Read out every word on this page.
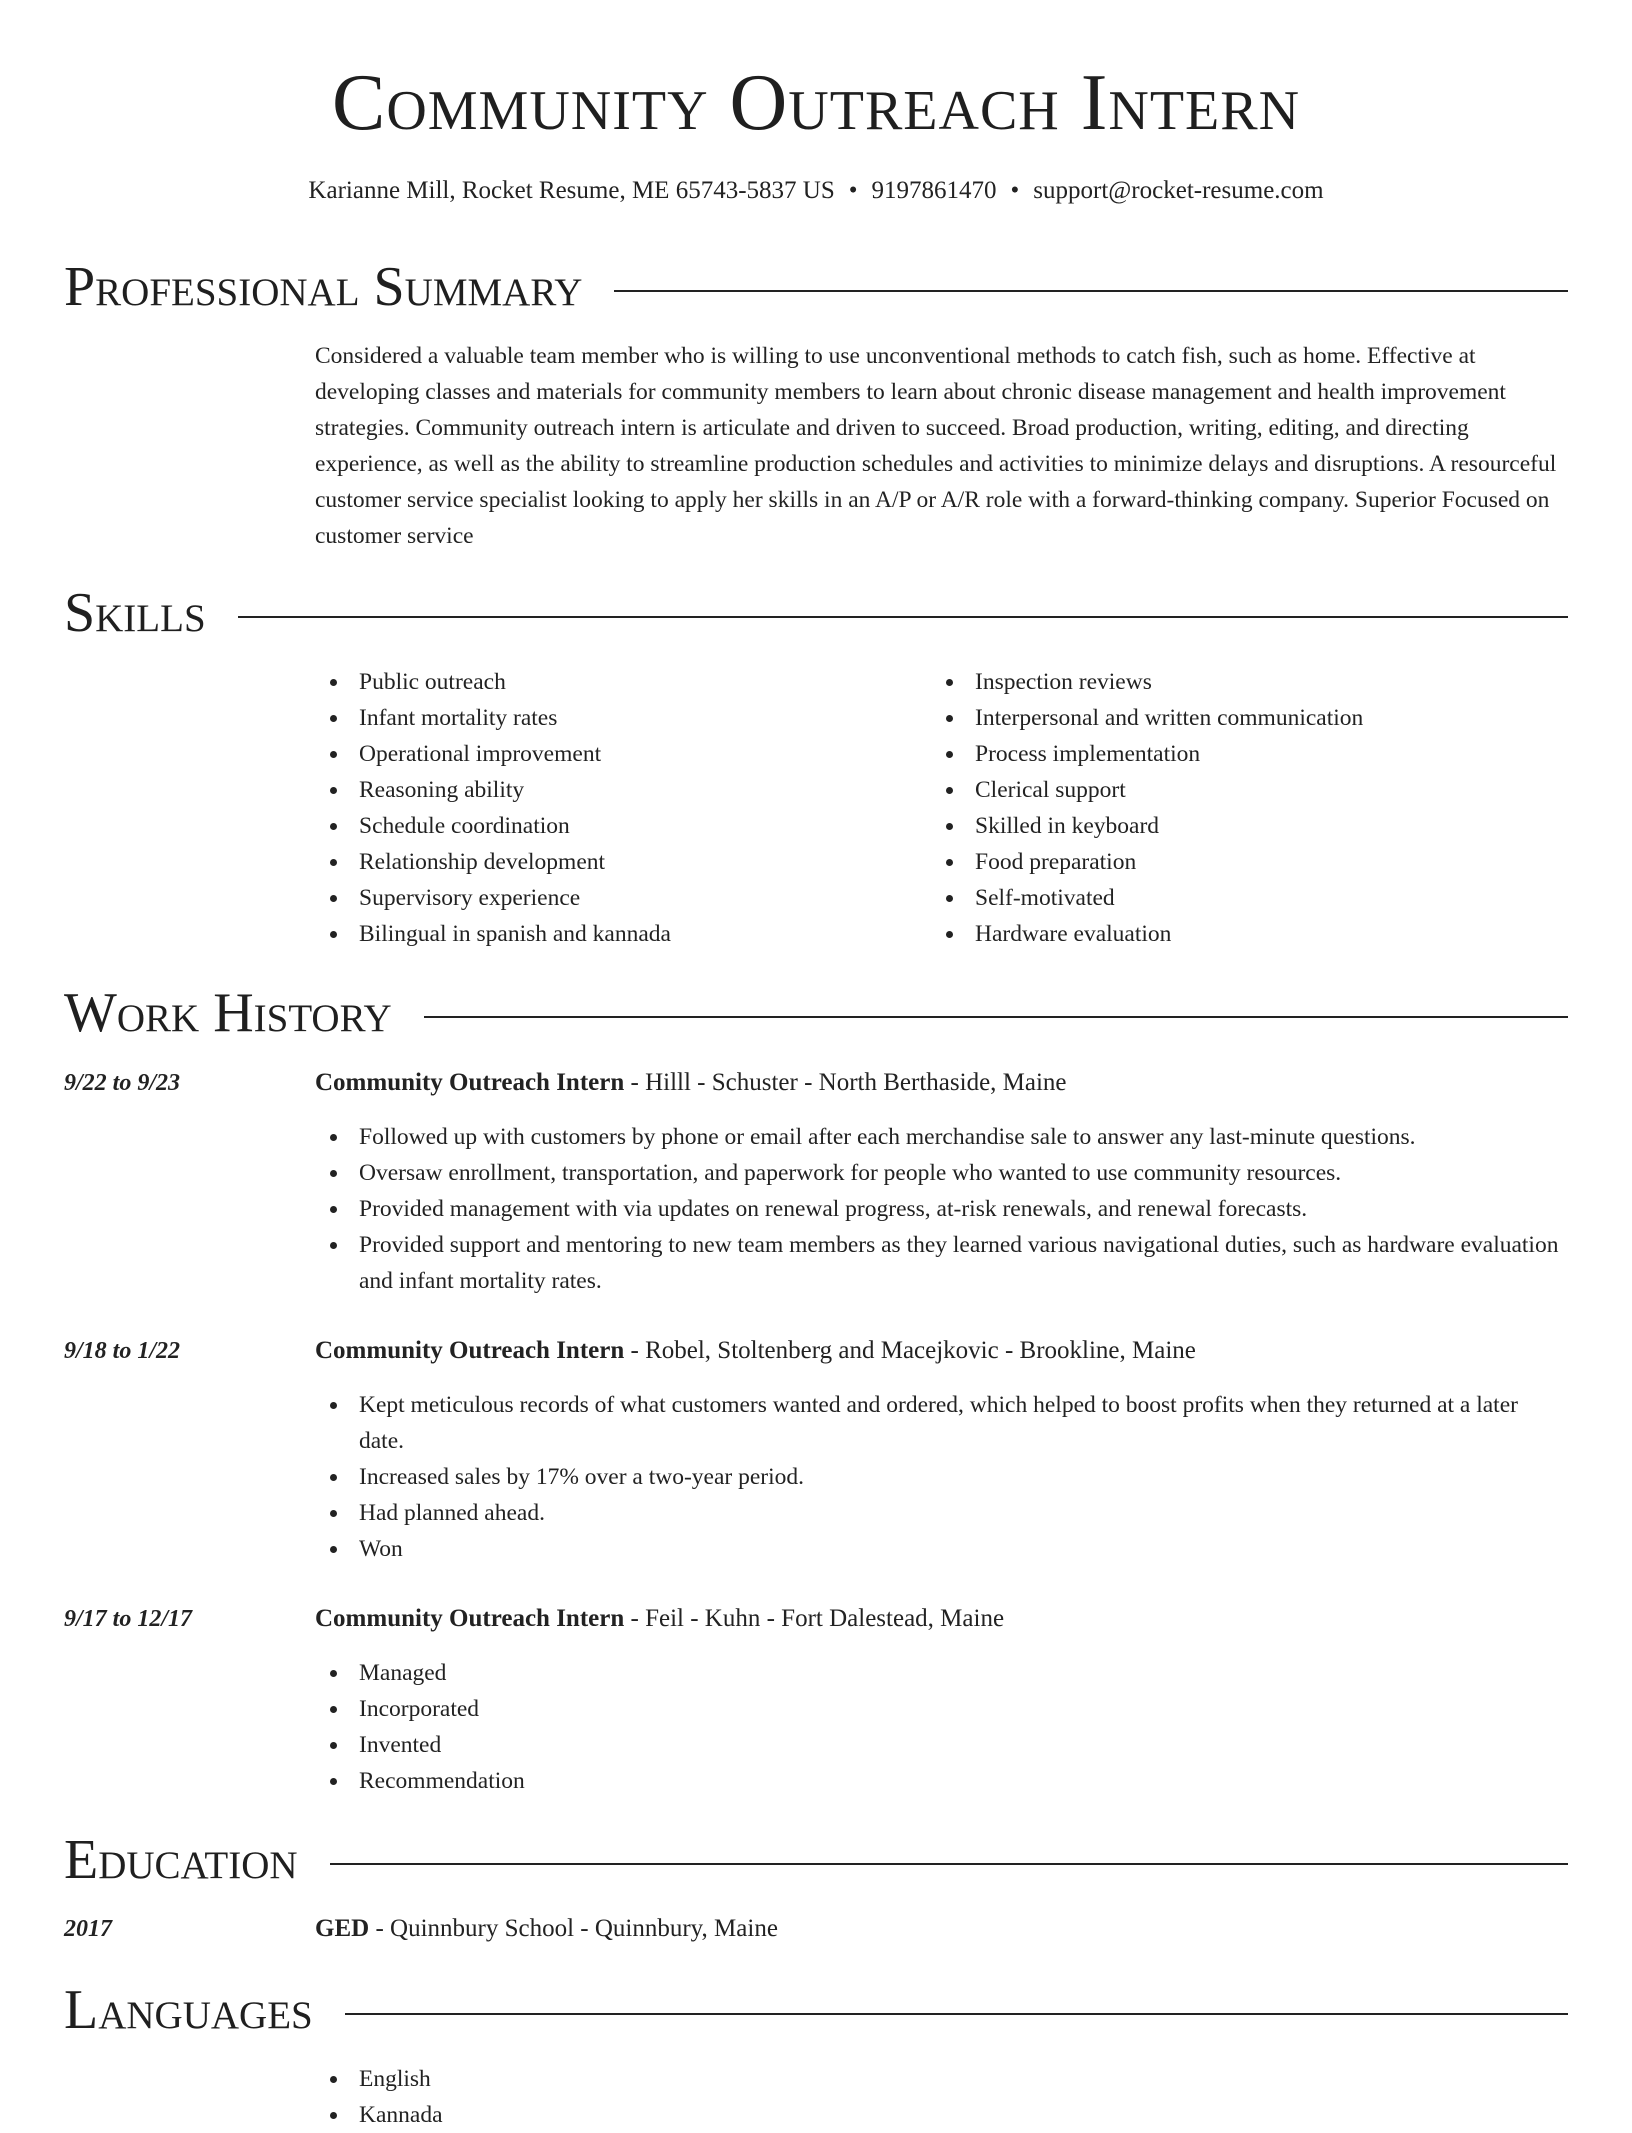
Community Outreach Intern
Karianne Mill, Rocket Resume, ME 65743-5837 US • 9197861470 • support@rocket-resume.com
Professional Summary

Considered a valuable team member who is willing to use unconventional methods to catch fish, such as home. Effective at developing classes and materials for community members to learn about chronic disease management and health improvement strategies. Community outreach intern is articulate and driven to succeed. Broad production, writing, editing, and directing experience, as well as the ability to streamline production schedules and activities to minimize delays and disruptions. A resourceful customer service specialist looking to apply her skills in an A/P or A/R role with a forward-thinking company. Superior Focused on customer service

Skills
Public outreach
Infant mortality rates
Operational improvement
Reasoning ability
Schedule coordination
Relationship development
Supervisory experience
Bilingual in spanish and kannada
Inspection reviews
Interpersonal and written communication
Process implementation
Clerical support
Skilled in keyboard
Food preparation
Self-motivated
Hardware evaluation
Work History
9/22 to 9/23	Community Outreach Intern - Hilll - Schuster - North Berthaside, Maine
Followed up with customers by phone or email after each merchandise sale to answer any last-minute questions.
Oversaw enrollment, transportation, and paperwork for people who wanted to use community resources.
Provided management with via updates on renewal progress, at-risk renewals, and renewal forecasts.
Provided support and mentoring to new team members as they learned various navigational duties, such as hardware evaluation and infant mortality rates.
9/18 to 1/22	Community Outreach Intern - Robel, Stoltenberg and Macejkovic - Brookline, Maine
Kept meticulous records of what customers wanted and ordered, which helped to boost profits when they returned at a later date.
Increased sales by 17% over a two-year period.
Had planned ahead.
Won
9/17 to 12/17	Community Outreach Intern - Feil - Kuhn - Fort Dalestead, Maine
Managed
Incorporated
Invented
Recommendation
Education
2017	GED - Quinnbury School - Quinnbury, Maine
Languages
English
Kannada
